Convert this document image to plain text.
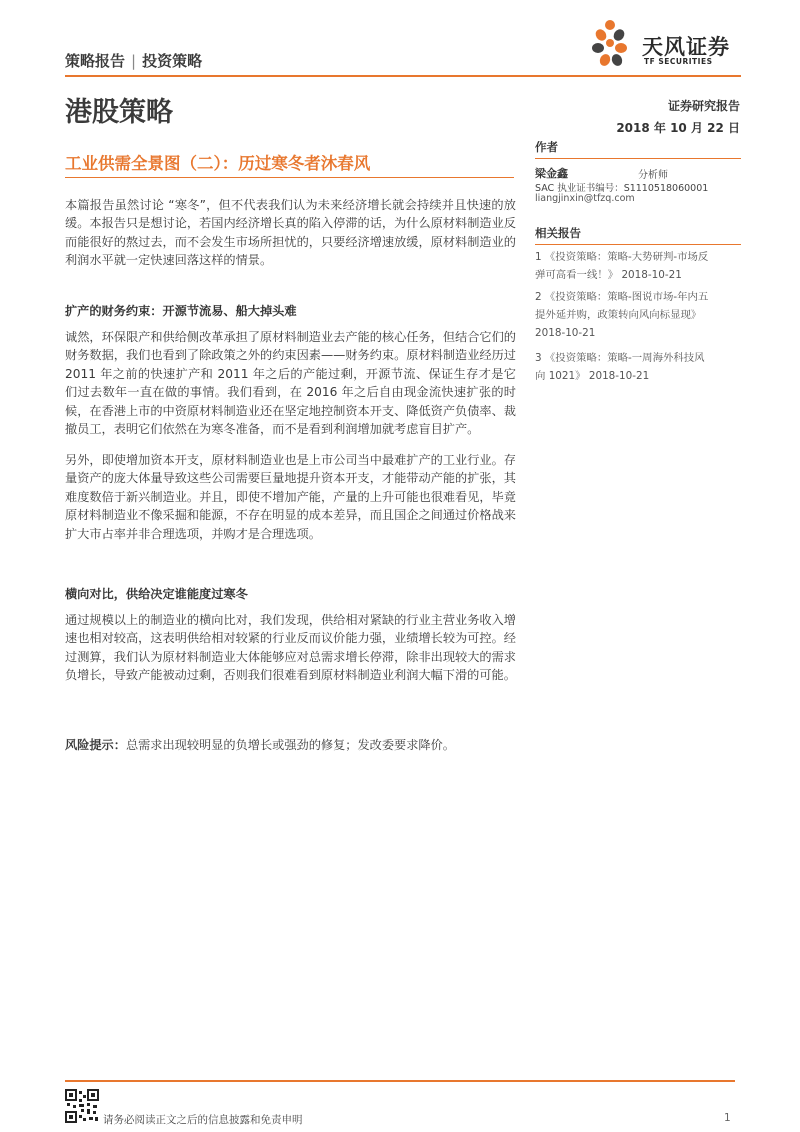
策略报告 | 投资策略
天风证券
TF SECURITIES
港股策略	证券研究报告
2018 年 10 月 22 日
工业供需全景图（二）：历过寒冬者沐春风
本篇报告虽然讨论 “寒冬”，但不代表我们认为未来经济增长就会持续并且快速的放缓。本报告只是想讨论，若国内经济增长真的陷入停滞的话，为什么原材料制造业反而能很好的熬过去，而不会发生市场所担忧的，只要经济增速放缓，原材料制造业的利润水平就一定快速回落这样的情景。
扩产的财务约束：开源节流易、船大掉头难
诚然，环保限产和供给侧改革承担了原材料制造业去产能的核心任务，但结合它们的财务数据，我们也看到了除政策之外的约束因素——财务约束。原材料制造业经历过 2011 年之前的快速扩产和 2011 年之后的产能过剩，开源节流、保证生存才是它们过去数年一直在做的事情。我们看到，在 2016 年之后自由现金流快速扩张的时候，在香港上市的中资原材料制造业还在坚定地控制资本开支、降低资产负债率、裁撤员工，表明它们依然在为寒冬准备，而不是看到利润增加就考虑盲目扩产。
另外，即使增加资本开支，原材料制造业也是上市公司当中最难扩产的工业行业。存量资产的庞大体量导致这些公司需要巨量地提升资本开支，才能带动产能的扩张，其难度数倍于新兴制造业。并且，即使不增加产能，产量的上升可能也很难看见，毕竟原材料制造业不像采掘和能源，不存在明显的成本差异，而且国企之间通过价格战来扩大市占率并非合理选项，并购才是合理选项。
横向对比，供给决定谁能度过寒冬
通过规模以上的制造业的横向比对，我们发现，供给相对紧缺的行业主营业务收入增速也相对较高，这表明供给相对较紧的行业反而议价能力强，业绩增长较为可控。经过测算，我们认为原材料制造业大体能够应对总需求增长停滞，除非出现较大的需求负增长，导致产能被动过剩，否则我们很难看到原材料制造业利润大幅下滑的可能。
风险提示：总需求出现较明显的负增长或强劲的修复；发改委要求降价。
作者
梁金鑫	分析师
SAC 执业证书编号：S1110518060001
liangjinxin@tfzq.com
相关报告
1 《投资策略：策略-大势研判-市场反
弹可高看一线！》 2018-10-21
2 《投资策略：策略-图说市场-年内五
提外延并购，政策转向风向标显现》
2018-10-21
3 《投资策略：策略-一周海外科技风
向 1021》 2018-10-21
请务必阅读正文之后的信息披露和免责申明	1
